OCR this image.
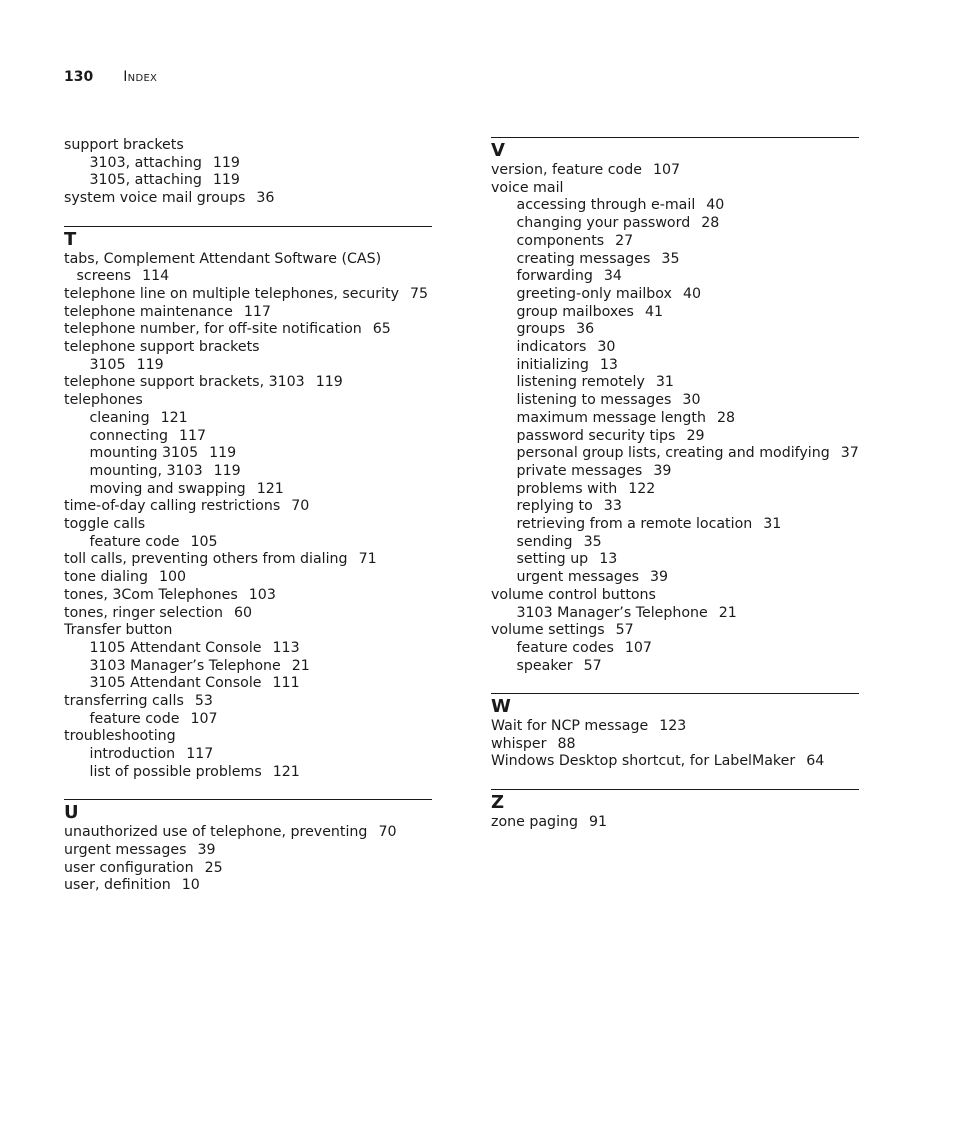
130 Index
support brackets
3103, attaching 119
3105, attaching 119
system voice mail groups 36
T
tabs, Complement Attendant Software (CAS) screens 114
telephone line on multiple telephones, security 75
telephone maintenance 117
telephone number, for off-site notification 65
telephone support brackets
3105 119
telephone support brackets, 3103 119
telephones
cleaning 121
connecting 117
mounting 3105 119
mounting, 3103 119
moving and swapping 121
time-of-day calling restrictions 70
toggle calls
feature code 105
toll calls, preventing others from dialing 71
tone dialing 100
tones, 3Com Telephones 103
tones, ringer selection 60
Transfer button
1105 Attendant Console 113
3103 Manager’s Telephone 21
3105 Attendant Console 111
transferring calls 53
feature code 107
troubleshooting
introduction 117
list of possible problems 121
U
unauthorized use of telephone, preventing 70
urgent messages 39
user configuration 25
user, definition 10
V
version, feature code 107
voice mail
accessing through e-mail 40
changing your password 28
components 27
creating messages 35
forwarding 34
greeting-only mailbox 40
group mailboxes 41
groups 36
indicators 30
initializing 13
listening remotely 31
listening to messages 30
maximum message length 28
password security tips 29
personal group lists, creating and modifying 37
private messages 39
problems with 122
replying to 33
retrieving from a remote location 31
sending 35
setting up 13
urgent messages 39
volume control buttons
3103 Manager’s Telephone 21
volume settings 57
feature codes 107
speaker 57
W
Wait for NCP message 123
whisper 88
Windows Desktop shortcut, for LabelMaker 64
Z
zone paging 91
